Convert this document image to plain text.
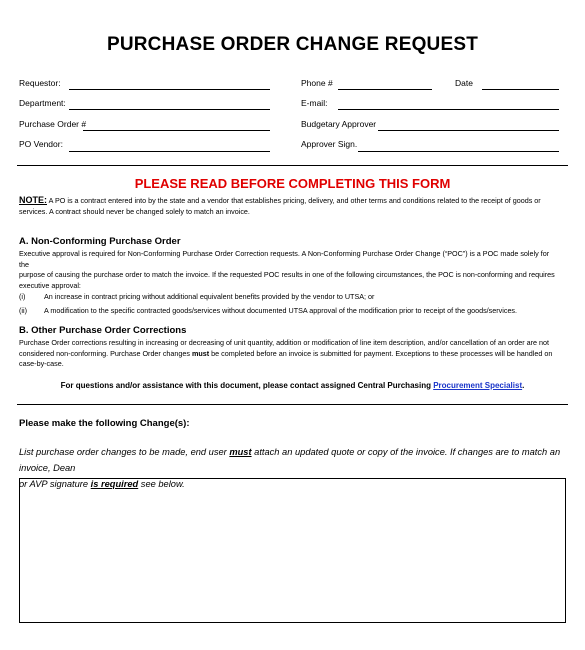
PURCHASE ORDER CHANGE REQUEST
Requestor:
Department:
Purchase Order #
PO Vendor:
Phone #	Date
E-mail:
Budgetary Approver
Approver Sign.
PLEASE READ BEFORE COMPLETING THIS FORM
NOTE: A PO is a contract entered into by the state and a vendor that establishes pricing, delivery, and other terms and conditions related to the receipt of goods or
services. A contract should never be changed solely to match an invoice.
A. Non-Conforming Purchase Order
Executive approval is required for Non-Conforming Purchase Order Correction requests. A Non-Conforming Purchase Order Change (“POC”) is a POC made solely for the
purpose of causing the purchase order to match the invoice. If the requested POC results in one of the following circumstances, the POC is non-conforming and requires
executive approval:
(i)	An increase in contract pricing without additional equivalent benefits provided by the vendor to UTSA; or
(ii) A modification to the specific contracted goods/services without documented UTSA approval of the modification prior to receipt of the goods/services.
B. Other Purchase Order Corrections
Purchase Order corrections resulting in increasing or decreasing of unit quantity, addition or modification of line item description, and/or cancellation of an order are not
considered non-conforming. Purchase Order changes must be completed before an invoice is submitted for payment. Exceptions to these processes will be handled on
case-by-case.
For questions and/or assistance with this document, please contact assigned Central Purchasing Procurement Specialist.
Please make the following Change(s):
List purchase order changes to be made, end user must attach an updated quote or copy of the invoice. If changes are to match an invoice, Dean
or AVP signature is required see below.
